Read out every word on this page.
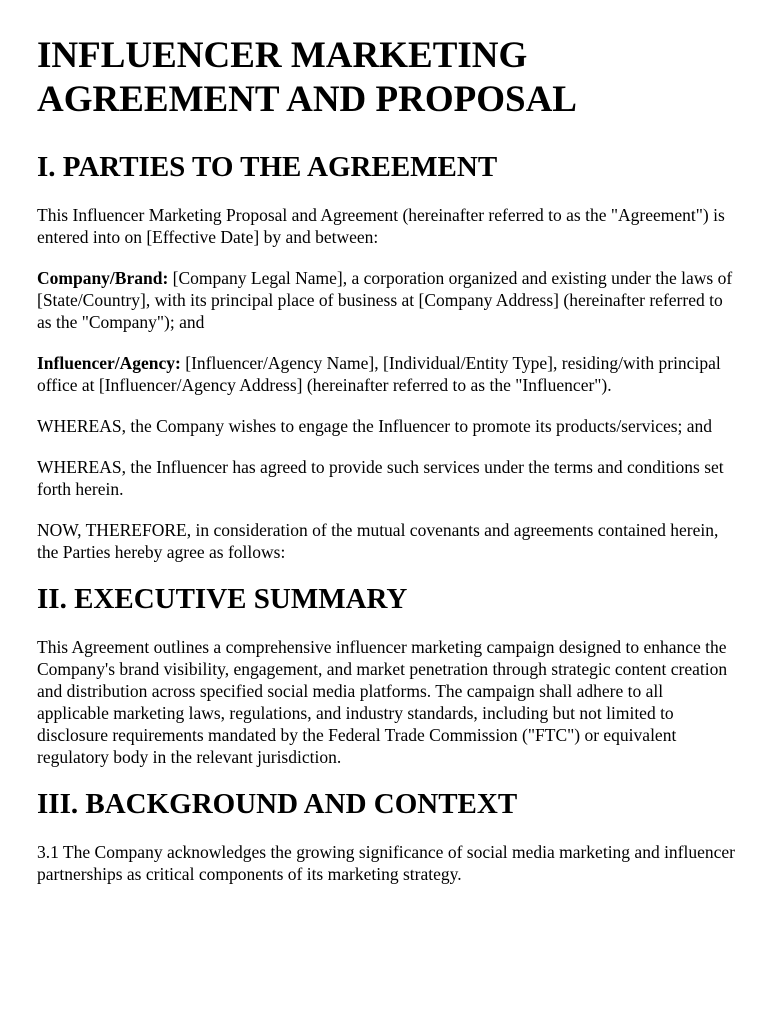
INFLUENCER MARKETING AGREEMENT AND PROPOSAL
I. PARTIES TO THE AGREEMENT

This Influencer Marketing Proposal and Agreement (hereinafter referred to as the "Agreement") is entered into on [Effective Date] by and between:

Company/Brand: [Company Legal Name], a corporation organized and existing under the laws of [State/Country], with its principal place of business at [Company Address] (hereinafter referred to as the "Company"); and

Influencer/Agency: [Influencer/Agency Name], [Individual/Entity Type], residing/with principal office at [Influencer/Agency Address] (hereinafter referred to as the "Influencer").

WHEREAS, the Company wishes to engage the Influencer to promote its products/services; and

WHEREAS, the Influencer has agreed to provide such services under the terms and conditions set forth herein.

NOW, THEREFORE, in consideration of the mutual covenants and agreements contained herein, the Parties hereby agree as follows:

II. EXECUTIVE SUMMARY

This Agreement outlines a comprehensive influencer marketing campaign designed to enhance the Company's brand visibility, engagement, and market penetration through strategic content creation and distribution across specified social media platforms. The campaign shall adhere to all applicable marketing laws, regulations, and industry standards, including but not limited to disclosure requirements mandated by the Federal Trade Commission ("FTC") or equivalent regulatory body in the relevant jurisdiction.

III. BACKGROUND AND CONTEXT

3.1 The Company acknowledges the growing significance of social media marketing and influencer partnerships as critical components of its marketing strategy.
